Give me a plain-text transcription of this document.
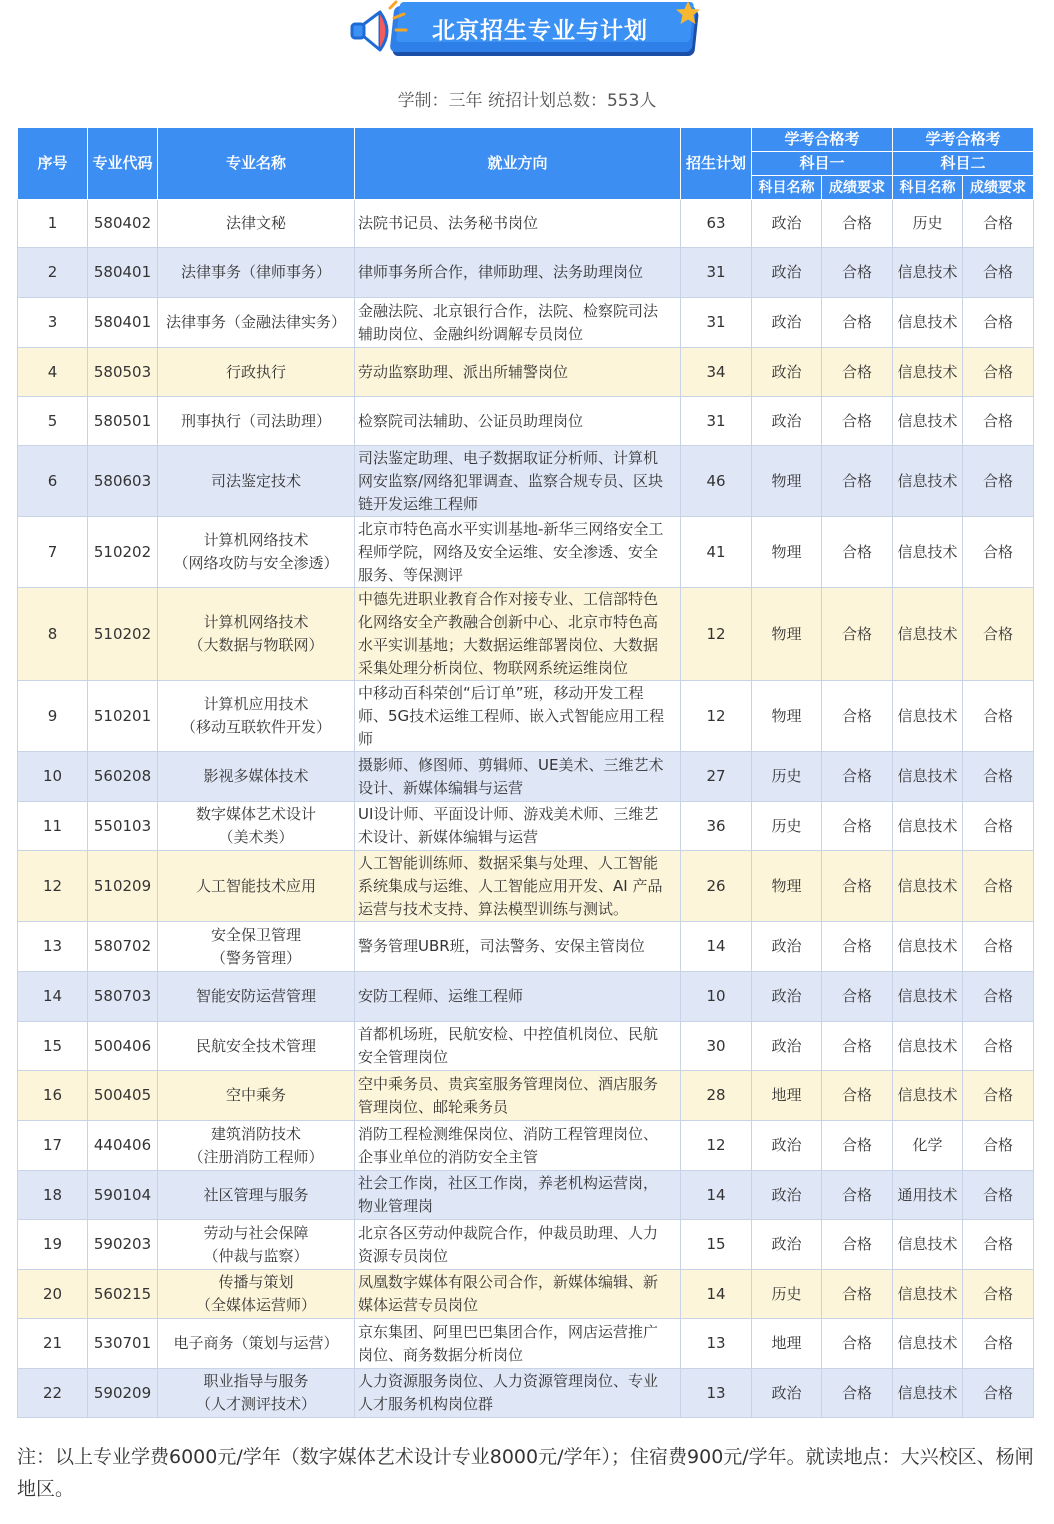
北京招生专业与计划
学制：三年 统招计划总数：553人
序号	专业代码	专业名称	就业方向	招生计划	学考合格考		学考合格考	
					科目一		科目二	
					科目名称	成绩要求	科目名称	成绩要求
1	580402	法律文秘	法院书记员、法务秘书岗位	63	政治	合格	历史	合格
2	580401	法律事务（律师事务）	律师事务所合作，律师助理、法务助理岗位	31	政治	合格	信息技术	合格
3	580401	法律事务（金融法律实务）	金融法院、北京银行合作，法院、检察院司法
辅助岗位、金融纠纷调解专员岗位	31	政治	合格	信息技术	合格
4	580503	行政执行	劳动监察助理、派出所辅警岗位	34	政治	合格	信息技术	合格
5	580501	刑事执行（司法助理）	检察院司法辅助、公证员助理岗位	31	政治	合格	信息技术	合格
6	580603	司法鉴定技术	司法鉴定助理、电子数据取证分析师、计算机
网安监察/网络犯罪调查、监察合规专员、区块
链开发运维工程师	46	物理	合格	信息技术	合格
7	510202	计算机网络技术
（网络攻防与安全渗透）	北京市特色高水平实训基地-新华三网络安全工
程师学院，网络及安全运维、安全渗透、安全
服务、等保测评	41	物理	合格	信息技术	合格
8	510202	计算机网络技术
（大数据与物联网）	中德先进职业教育合作对接专业、工信部特色
化网络安全产教融合创新中心、北京市特色高
水平实训基地；大数据运维部署岗位、大数据
采集处理分析岗位、物联网系统运维岗位	12	物理	合格	信息技术	合格
9	510201	计算机应用技术
（移动互联软件开发）	中移动百科荣创“后订单”班，移动开发工程
师、5G技术运维工程师、嵌入式智能应用工程
师	12	物理	合格	信息技术	合格
10	560208	影视多媒体技术	摄影师、修图师、剪辑师、UE美术、三维艺术
设计、新媒体编辑与运营	27	历史	合格	信息技术	合格
11	550103	数字媒体艺术设计
（美术类）	UI设计师、平面设计师、游戏美术师、三维艺
术设计、新媒体编辑与运营	36	历史	合格	信息技术	合格
12	510209	人工智能技术应用	人工智能训练师、数据采集与处理、人工智能
系统集成与运维、人工智能应用开发、AI 产品
运营与技术支持、算法模型训练与测试。	26	物理	合格	信息技术	合格
13	580702	安全保卫管理
（警务管理）	警务管理UBR班，司法警务、安保主管岗位	14	政治	合格	信息技术	合格
14	580703	智能安防运营管理	安防工程师、运维工程师	10	政治	合格	信息技术	合格
15	500406	民航安全技术管理	首都机场班，民航安检、中控值机岗位、民航
安全管理岗位	30	政治	合格	信息技术	合格
16	500405	空中乘务	空中乘务员、贵宾室服务管理岗位、酒店服务
管理岗位、邮轮乘务员	28	地理	合格	信息技术	合格
17	440406	建筑消防技术
（注册消防工程师）	消防工程检测维保岗位、消防工程管理岗位、
企事业单位的消防安全主管	12	政治	合格	化学	合格
18	590104	社区管理与服务	社会工作岗，社区工作岗，养老机构运营岗，
物业管理岗	14	政治	合格	通用技术	合格
19	590203	劳动与社会保障
（仲裁与监察）	北京各区劳动仲裁院合作，仲裁员助理、人力
资源专员岗位	15	政治	合格	信息技术	合格
20	560215	传播与策划
（全媒体运营师）	凤凰数字媒体有限公司合作，新媒体编辑、新
媒体运营专员岗位	14	历史	合格	信息技术	合格
21	530701	电子商务（策划与运营）	京东集团、阿里巴巴集团合作，网店运营推广
岗位、商务数据分析岗位	13	地理	合格	信息技术	合格
22	590209	职业指导与服务
（人才测评技术）	人力资源服务岗位、人力资源管理岗位、专业
人才服务机构岗位群	13	政治	合格	信息技术	合格
注：以上专业学费6000元/学年（数字媒体艺术设计专业8000元/学年）；住宿费900元/学年。就读地点：大兴校区、杨闸地区。
